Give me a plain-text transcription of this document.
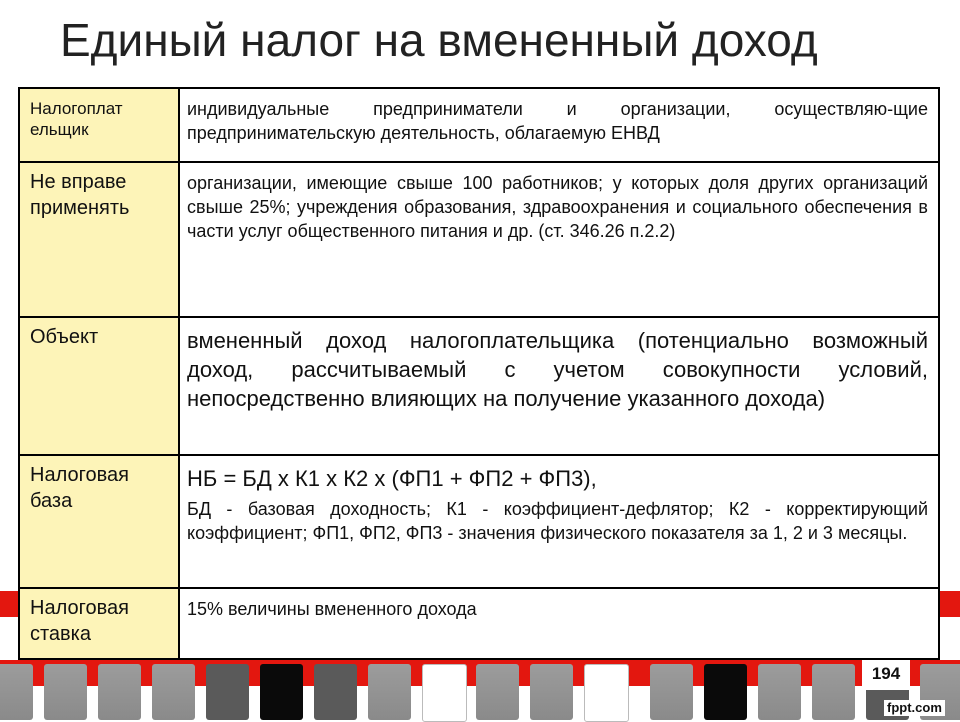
Единый налог на вмененный доход
Налогоплат ельщик
индивидуальные предприниматели и организации, осуществляю-щие предпринимательскую деятельность, облагаемую ЕНВД
Не вправе применять
организации, имеющие свыше 100 работников; у которых доля других организаций свыше 25%; учреждения образования, здравоохранения и социального обеспечения в части услуг общественного питания и др. (ст. 346.26 п.2.2)
Объект	вмененный доход налогоплательщика (потенциально возможный доход, рассчитываемый с учетом совокупности условий, непосредственно влияющих на получение указанного дохода)
Налоговая база
НБ = БД х К1 х К2 х (ФП1 + ФП2 + ФП3),
БД - базовая доходность; К1 - коэффициент-дефлятор; К2 - корректирующий коэффициент; ФП1, ФП2, ФП3 - значения физического показателя за 1, 2 и 3 месяцы.
Налоговая ставка
15% величины вмененного дохода
194
fppt.com
